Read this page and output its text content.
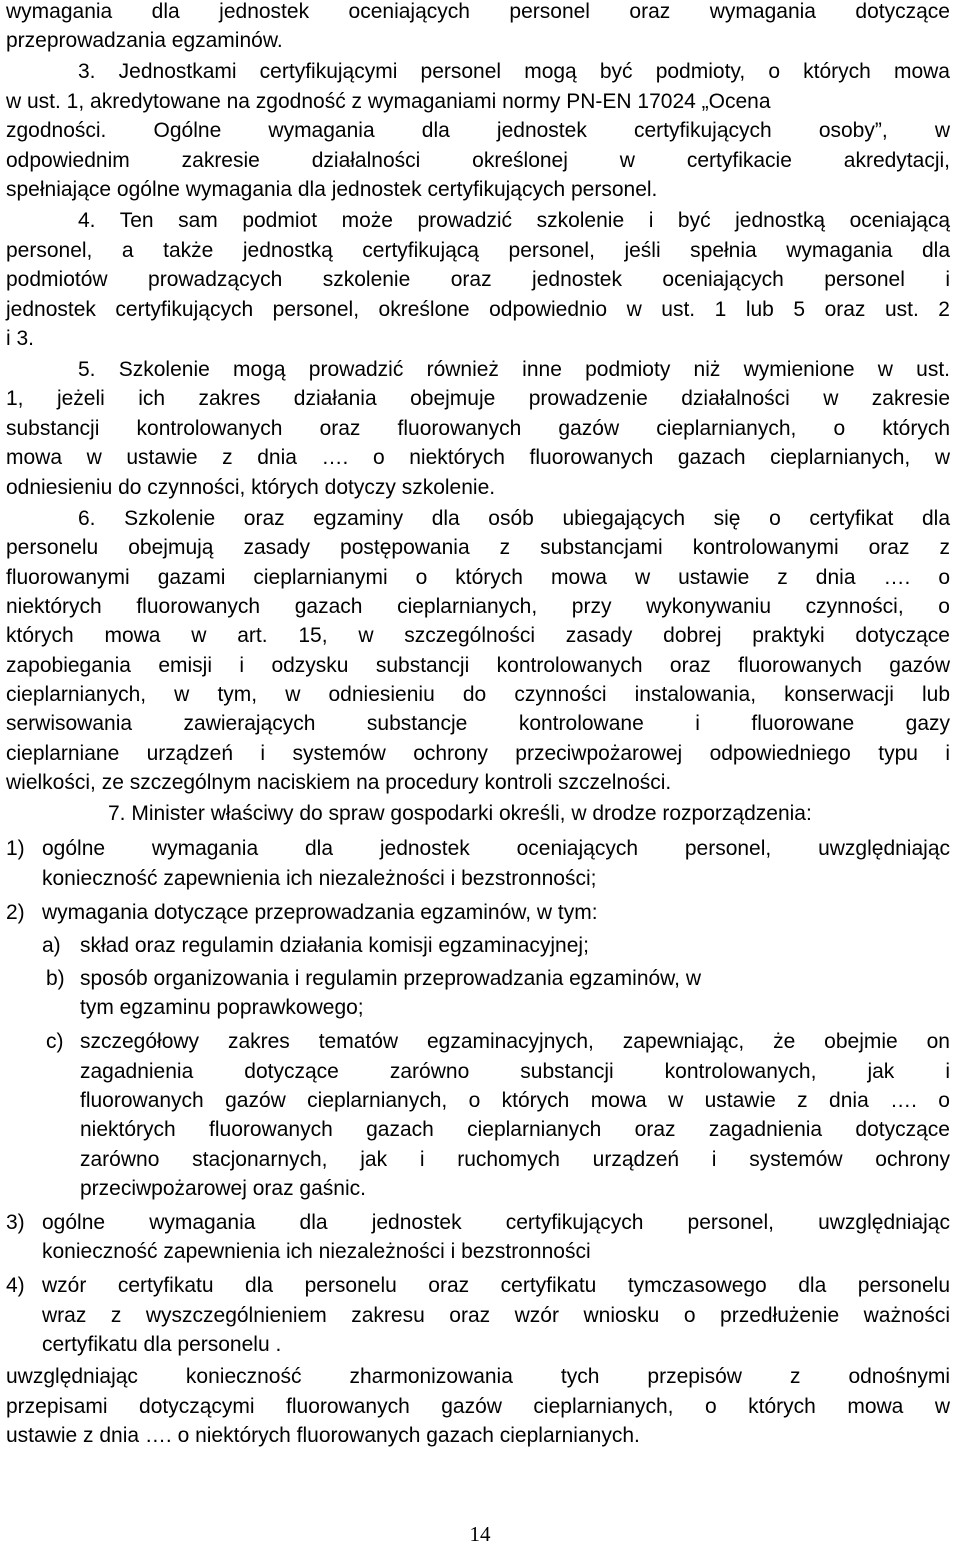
wymagania dla jednostek oceniających personel oraz wymagania dotyczące
przeprowadzania egzaminów.
3. Jednostkami certyfikującymi personel mogą być podmioty, o których mowa
w ust. 1, akredytowane na zgodność z wymaganiami normy PN-EN 17024 „Ocena
zgodności. Ogólne wymagania dla jednostek certyfikujących osoby”, w
odpowiednim zakresie działalności określonej w certyfikacie akredytacji,
spełniające ogólne wymagania dla jednostek certyfikujących personel.
4. Ten sam podmiot może prowadzić szkolenie i być jednostką oceniającą
personel, a także jednostką certyfikującą personel, jeśli spełnia wymagania dla
podmiotów prowadzących szkolenie oraz jednostek oceniających personel i
jednostek certyfikujących personel, określone odpowiednio w ust. 1 lub 5 oraz ust. 2
i 3.
5. Szkolenie mogą prowadzić również inne podmioty niż wymienione w ust.
1, jeżeli ich zakres działania obejmuje prowadzenie działalności w zakresie
substancji kontrolowanych oraz fluorowanych gazów cieplarnianych, o których
mowa w ustawie z dnia …. o niektórych fluorowanych gazach cieplarnianych, w
odniesieniu do czynności, których dotyczy szkolenie.
6. Szkolenie oraz egzaminy dla osób ubiegających się o certyfikat dla
personelu obejmują zasady postępowania z substancjami kontrolowanymi oraz z
fluorowanymi gazami cieplarnianymi o których mowa w ustawie z dnia …. o
niektórych fluorowanych gazach cieplarnianych, przy wykonywaniu czynności, o
których mowa w art. 15, w szczególności zasady dobrej praktyki dotyczące
zapobiegania emisji i odzysku substancji kontrolowanych oraz fluorowanych gazów
cieplarnianych, w tym, w odniesieniu do czynności instalowania, konserwacji lub
serwisowania zawierających substancje kontrolowane i fluorowane gazy
cieplarniane urządzeń i systemów ochrony przeciwpożarowej odpowiedniego typu i
wielkości, ze szczególnym naciskiem na procedury kontroli szczelności.
7. Minister właściwy do spraw gospodarki określi, w drodze rozporządzenia:
1) ogólne wymagania dla jednostek oceniających personel, uwzględniając
konieczność zapewnienia ich niezależności i bezstronności;
2) wymagania dotyczące przeprowadzania egzaminów, w tym:
a) skład oraz regulamin działania komisji egzaminacyjnej;
b) sposób organizowania i regulamin przeprowadzania egzaminów, w
tym egzaminu poprawkowego;
c) szczegółowy zakres tematów egzaminacyjnych, zapewniając, że obejmie on
zagadnienia dotyczące zarówno substancji kontrolowanych, jak i
fluorowanych gazów cieplarnianych, o których mowa w ustawie z dnia …. o
niektórych fluorowanych gazach cieplarnianych oraz zagadnienia dotyczące
zarówno stacjonarnych, jak i ruchomych urządzeń i systemów ochrony
przeciwpożarowej oraz gaśnic.
3) ogólne wymagania dla jednostek certyfikujących personel, uwzględniając
konieczność zapewnienia ich niezależności i bezstronności
4) wzór certyfikatu dla personelu oraz certyfikatu tymczasowego dla personelu
wraz z wyszczególnieniem zakresu oraz wzór wniosku o przedłużenie ważności
certyfikatu dla personelu .
uwzględniając konieczność zharmonizowania tych przepisów z odnośnymi
przepisami dotyczącymi fluorowanych gazów cieplarnianych, o których mowa w
ustawie z dnia …. o niektórych fluorowanych gazach cieplarnianych.
14
